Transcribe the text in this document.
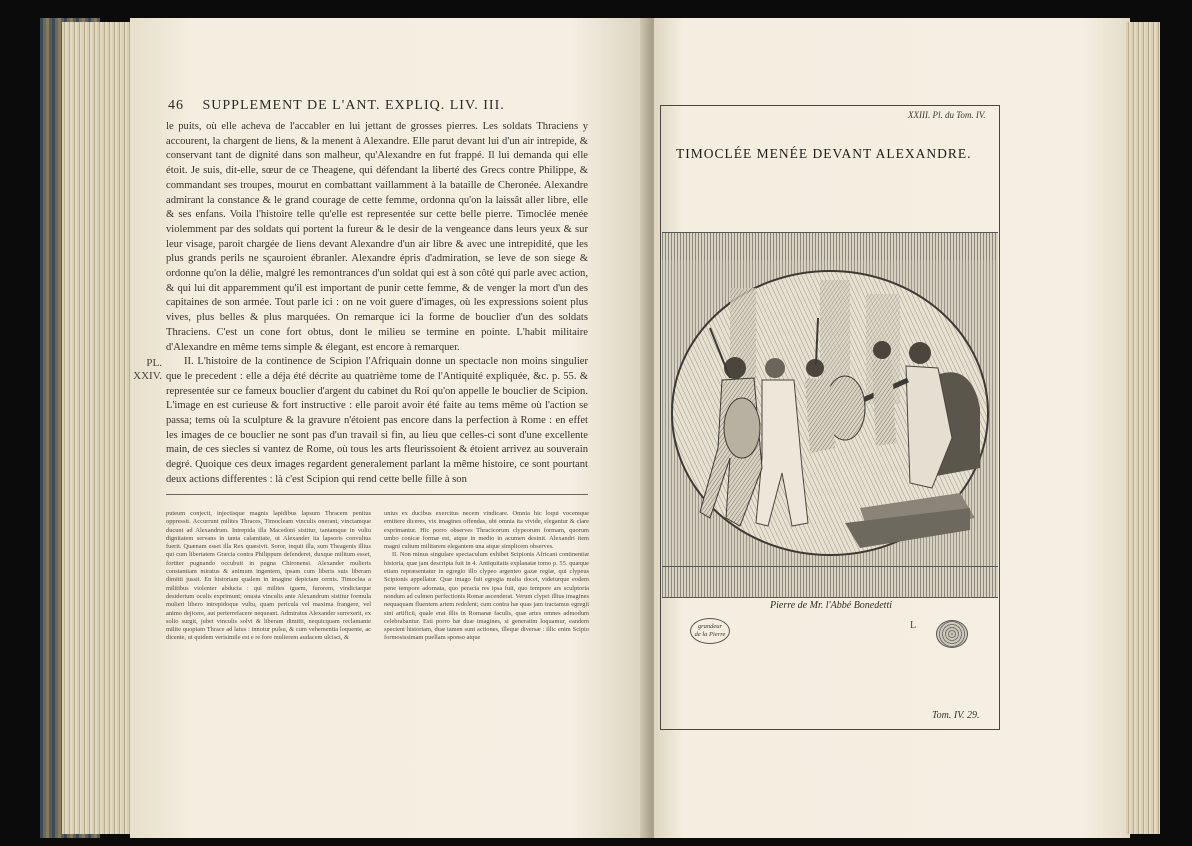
46 SUPPLEMENT DE L'ANT. EXPLIQ. LIV. III.
PL.
XXIV.

le puits, où elle acheva de l'accabler en lui jettant de grosses pierres. Les soldats Thraciens y accourent, la chargent de liens, & la menent à Alexandre. Elle parut devant lui d'un air intrepide, & conservant tant de dignité dans son malheur, qu'Alexandre en fut frappé. Il lui demanda qui elle étoit. Je suis, dit-elle, sœur de ce Theagene, qui défendant la liberté des Grecs contre Philippe, & commandant ses troupes, mourut en combattant vaillamment à la bataille de Cheronée. Alexandre admirant la constance & le grand courage de cette femme, ordonna qu'on la laissât aller libre, elle & ses enfans. Voila l'histoire telle qu'elle est representée sur cette belle pierre. Timoclée menée violemment par des soldats qui portent la fureur & le desir de la vengeance dans leurs yeux & sur leur visage, paroit chargée de liens devant Alexandre d'un air libre & avec une intrepidité, que les plus grands perils ne sçauroient ébranler. Alexandre épris d'admiration, se leve de son siege & ordonne qu'on la délie, malgré les remontrances d'un soldat qui est à son côté qui parle avec action, & qui lui dit apparemment qu'il est important de punir cette femme, & de venger la mort d'un des capitaines de son armée. Tout parle ici : on ne voit guere d'images, où les expressions soient plus vives, plus belles & plus marquées. On remarque ici la forme de bouclier d'un des soldats Thraciens. C'est un cone fort obtus, dont le milieu se termine en pointe. L'habit militaire d'Alexandre en même tems simple & élegant, est encore à remarquer.

II. L'histoire de la continence de Scipion l'Afriquain donne un spectacle non moins singulier que le precedent : elle a déja été décrite au quatrième tome de l'Antiquité expliquée, &c. p. 55. & representée sur ce fameux bouclier d'argent du cabinet du Roi qu'on appelle le bouclier de Scipion. L'image en est curieuse & fort instructive : elle paroit avoir été faite au tems même où l'action se passa; tems où la sculpture & la gravure n'étoient pas encore dans la perfection à Rome : en effet les images de ce bouclier ne sont pas d'un travail si fin, au lieu que celles-ci sont d'une excellente main, de ces siecles si vantez de Rome, où tous les arts fleurissoient & étoient arrivez au souverain degré. Quoique ces deux images regardent generalement parlant la même histoire, ce sont pourtant deux actions differentes : là c'est Scipion qui rend cette belle fille à son

puteum conjecit, injectisque magnis lapidibus lapsum Thracem penitus oppressit. Accurrunt milites Thraces, Timocleam vinculis onerant, vinctamque ducunt ad Alexandrum. Intrepida illa Macedoni sistitur, tantamque in vultu dignitatem servans in tanta calamitate, ut Alexander ita lapsoris convultus fuerit. Quænam esset illa Rex quæsivit. Soror, inquit illa, sum Theagenis illius qui cum libertatem Græcia contra Philippum defenderet, duxque militum esset, fortiter pugnando occubuit in pugna Chironensi. Alexander mulieris constantiam miratus & animum ingentem, ipsam cum liberis suis liberam dimitti jussit. En historiam qualem in imagine depictam cernis. Timoclea a militibus violenter abducta : qui milites iguem, furorem, vindictæque desiderium oculis exprimunt; onusta vinculis ante Alexandrum sistitur formula mulieri libero intrepidoque vultu, quam pericula vel maxima frangere, vel animo dejicere, aut perterrefacere nequeant. Admiratus Alexander surrexerit, ex solio surgit, jubet vinculis solvi & liberam dimitti, nequicquam reclamante milite quopiam Thrace ad latus : innotur pulsu, & cum vehementia loquente, ac dicente, ut quidem verisimile est e re fore mulierem audacem ulcisci, &

unius ex ducibus exercitus necem vindicare. Omnia hic loqui vocemque emittere diceres, vix imagines offendas, ubi omnia ita vivide, elegantur & clare exprimantur. Hic porro observes Thracicorum clypeorum formam, quorum umbo conicæ formæ est, atque in medio in acumen desinit. Alexandri item magni cultum militarem elegantem una atque simplicem observes.

II. Non minus singulare spectaculum exhibet Scipionis Africani continentiæ historia, quæ jam descripta fuit in 4. Antiquitatis explanatæ tomo p. 55. quæque etiam repræsentatur in egregio illo clypeo argenteo gazæ regiæ, qui clypeus Scipionis appellatur. Quæ imago fuit egregia multa docet, videturque eodem pene tempore adornata, quo peracta res ipsa fuit, quo tempore ars sculptoria nondum ad culmen perfectionis Romæ ascenderat. Verum clypei illius imagines nequaquam fluentem artem redolent; cum contra hæ quas jam tractamus egregii sint artificii, quale erat illis in Romanæ faculis, quæ artes omnes admodum celebrabantur. Esti porro hæ duæ imagines, si generatim loquamur, eandem spectent historiam, duæ tamen sunt actiones, illeque diversæ : illic enim Scipio formosissimam puellam sponso atque

XXIII. Pl. du Tom. IV.
TIMOCLÉE MENÉE DEVANT ALEXANDRE.
Pierre de Mr. l'Abbé Bonedetti
grandeur
de la Pierre
L
Tom. IV. 29.
